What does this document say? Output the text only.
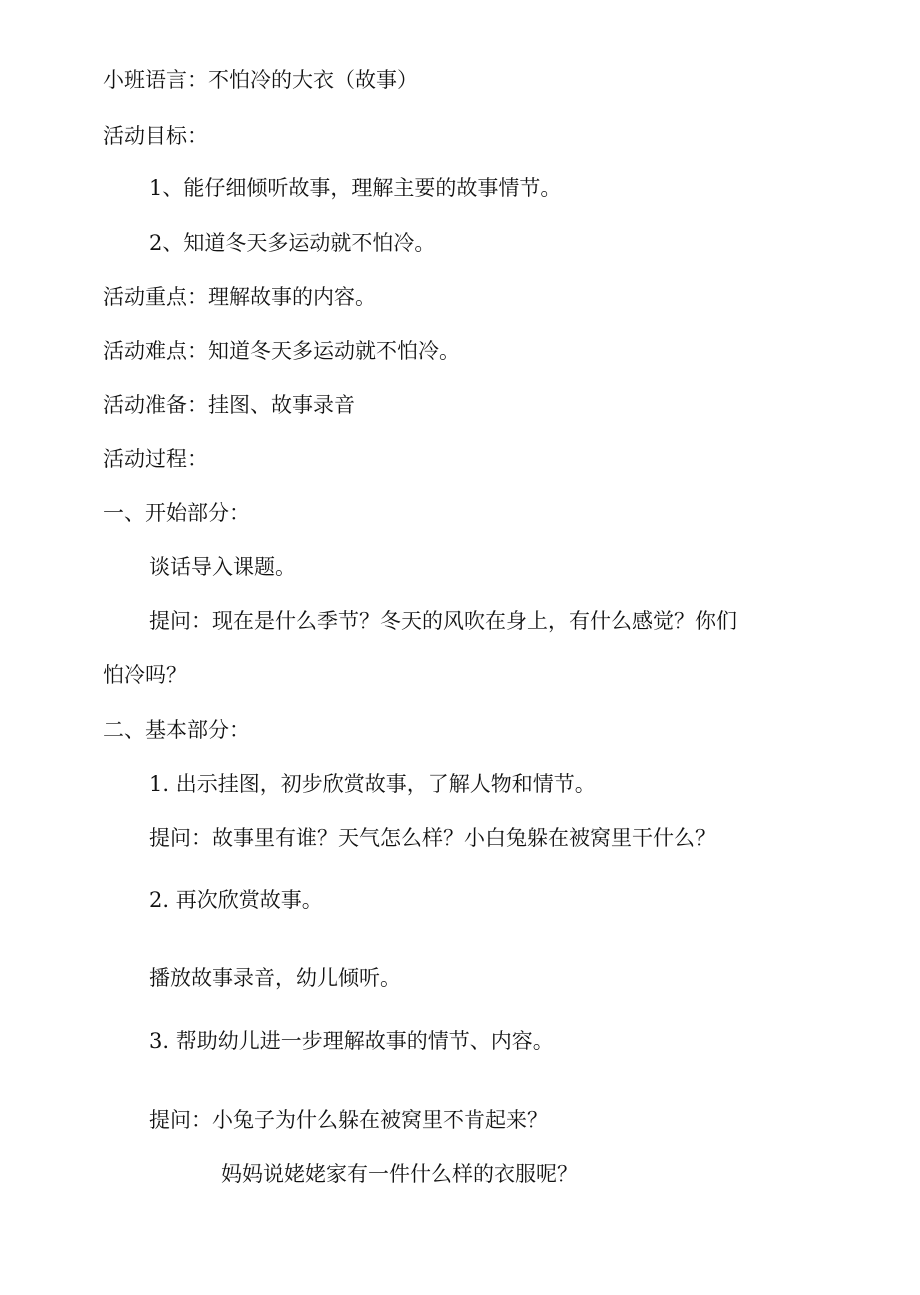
小班语言：不怕冷的大衣（故事）
活动目标：
1、能仔细倾听故事，理解主要的故事情节。
2、知道冬天多运动就不怕冷。
活动重点：理解故事的内容。
活动难点：知道冬天多运动就不怕冷。
活动准备：挂图、故事录音
活动过程：
一、开始部分：
谈话导入课题。
提问：现在是什么季节？冬天的风吹在身上，有什么感觉？你们
怕冷吗？
二、基本部分：
1. 出示挂图，初步欣赏故事，了解人物和情节。
提问：故事里有谁？天气怎么样？小白兔躲在被窝里干什么？
2. 再次欣赏故事。
播放故事录音，幼儿倾听。
3. 帮助幼儿进一步理解故事的情节、内容。
提问：小兔子为什么躲在被窝里不肯起来？
妈妈说姥姥家有一件什么样的衣服呢？
